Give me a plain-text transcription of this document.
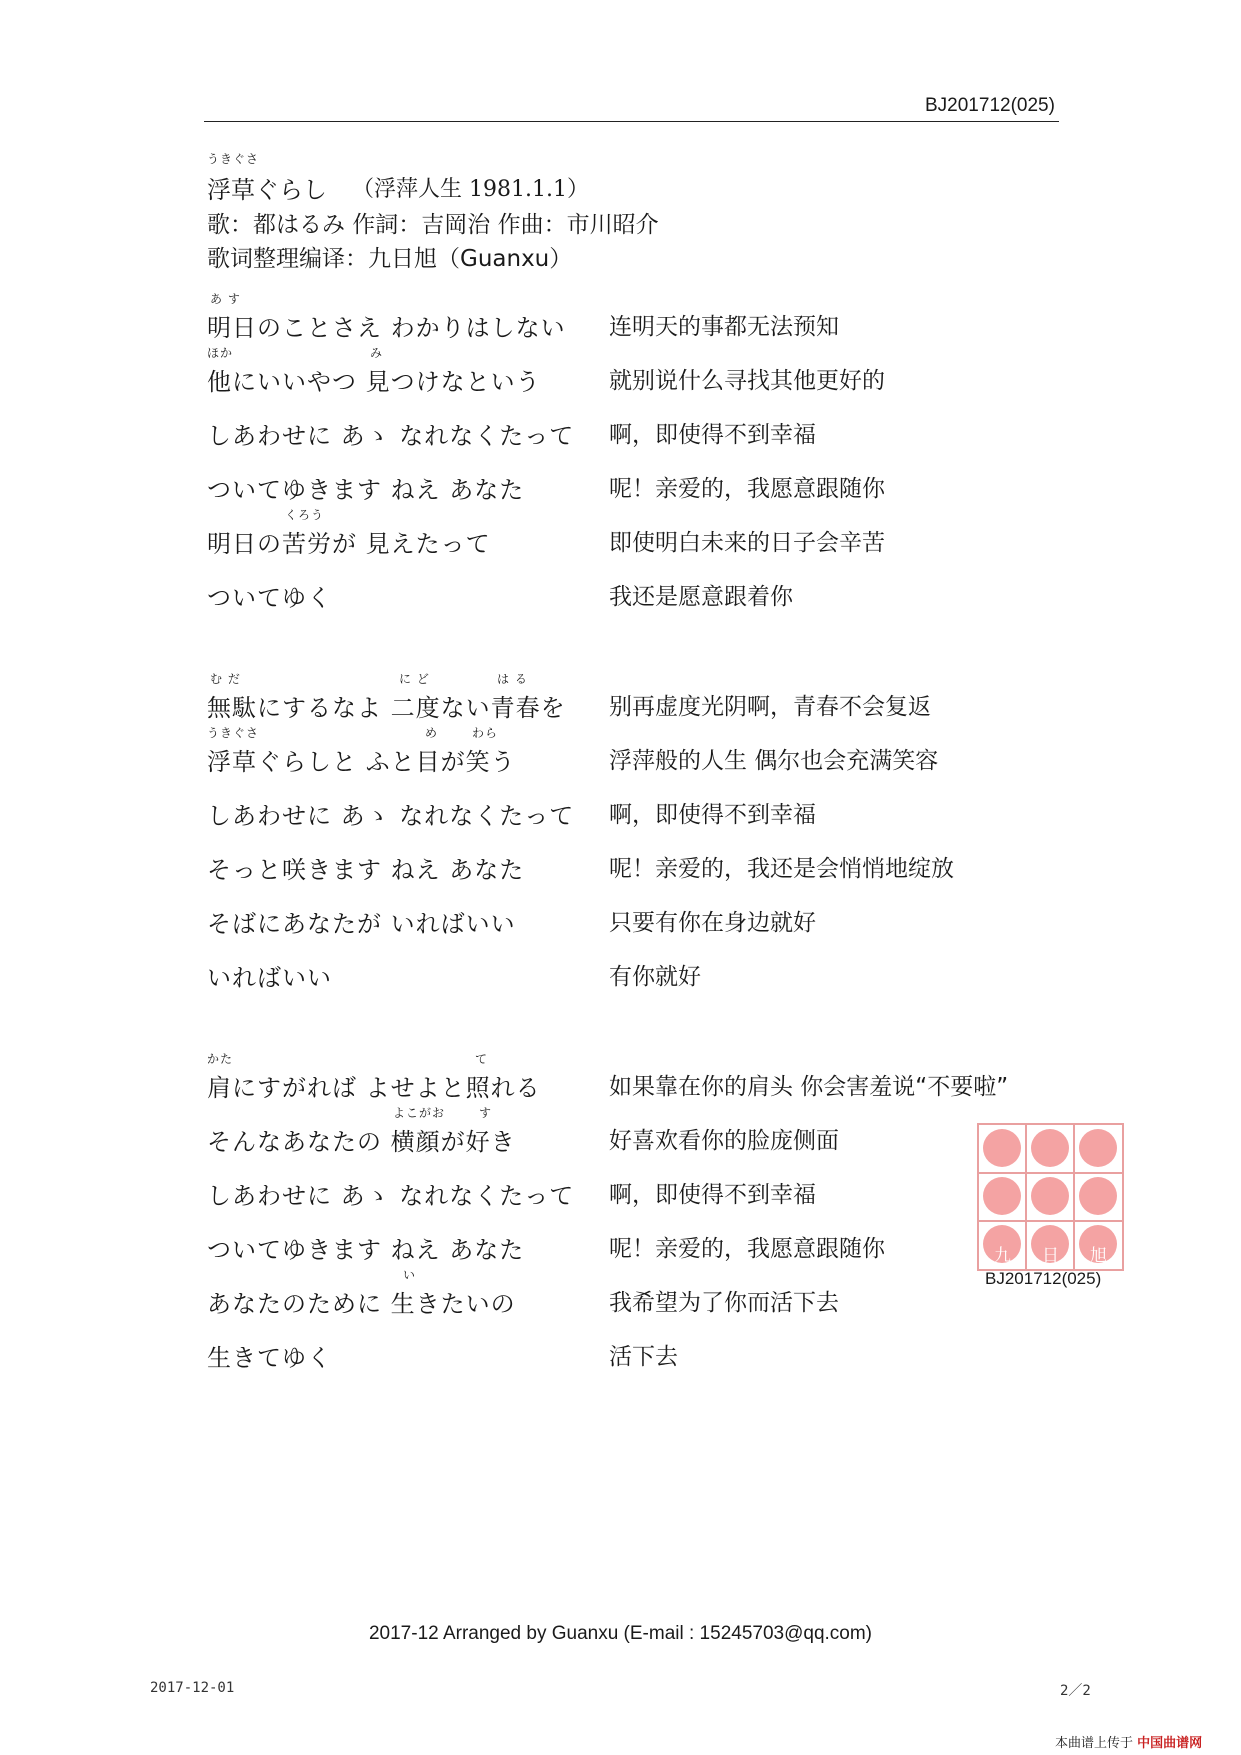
BJ201712(025)
うきぐさ
浮草ぐらし （浮萍人生 1981.1.1）
歌：都はるみ 作詞：吉岡治 作曲：市川昭介
歌词整理编译：九日旭（Guanxu）
あ す
明日のことさえ わかりはしない 连明天的事都无法预知
ほか	み
他にいいやつ 見つけなという	就别说什么寻找其他更好的
しあわせに あゝ なれなくたって 啊，即使得不到幸福
ついてゆきます ねえ あなた	呢！亲爱的，我愿意跟随你
くろう
明日の苦労が 見えたって	即使明白未来的日子会辛苦
ついてゆく	我还是愿意跟着你
む だ	に ど	は る
無駄にするなよ 二度ない青春を 别再虚度光阴啊，青春不会复返
うきぐさ	め	わら
浮草ぐらしと ふと目が笑う	浮萍般的人生 偶尔也会充满笑容
しあわせに あゝ なれなくたって 啊，即使得不到幸福
そっと咲きます ねえ あなた	呢！亲爱的，我还是会悄悄地绽放
そばにあなたが いればいい	只要有你在身边就好
いればいい	有你就好
かた	て
肩にすがれば よせよと照れる	如果靠在你的肩头 你会害羞说“不要啦”
よこがお	す
そんなあなたの 横顔が好き	好喜欢看你的脸庞侧面
しあわせに あゝ なれなくたって 啊，即使得不到幸福
ついてゆきます ねえ あなた	呢！亲爱的，我愿意跟随你
い
あなたのために 生きたいの	我希望为了你而活下去
生きてゆく	活下去
九	日	旭
BJ201712(025)
2017-12 Arranged by Guanxu (E-mail : 15245703@qq.com)
2017-12-01	2／2
本曲谱上传于 中国曲谱网
